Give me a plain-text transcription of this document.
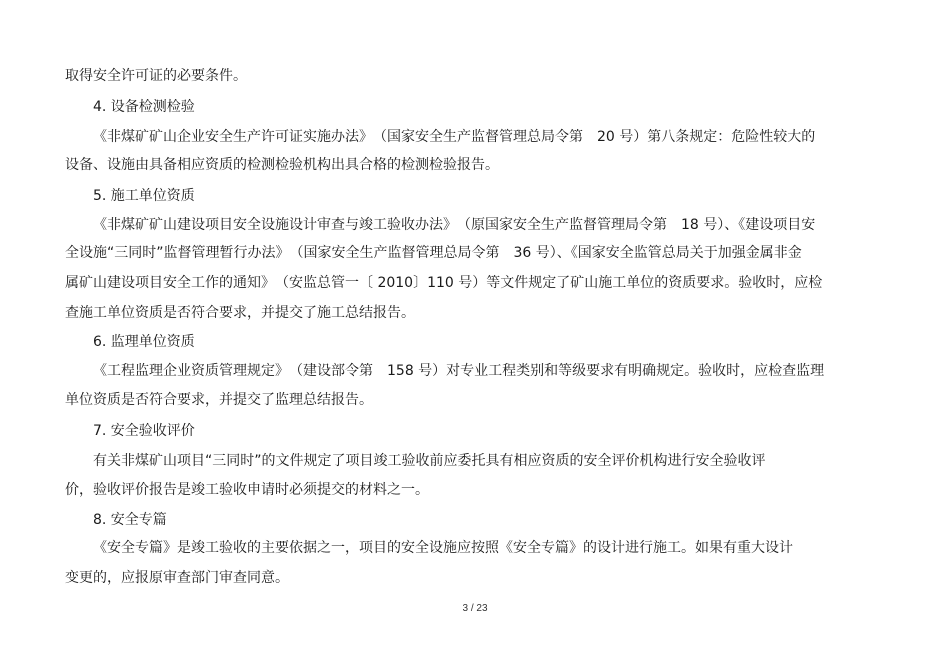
取得安全许可证的必要条件。
4. 设备检测检验
《非煤矿矿山企业安全生产许可证实施办法》　（国家安全生产监督管理总局令第　20 号）第八条规定：危险性较大的
设备、设施由具备相应资质的检测检验机构出具合格的检测检验报告。
5. 施工单位资质
《非煤矿矿山建设项目安全设施设计审查与竣工验收办法》　（原国家安全生产监督管理局令第　18 号）、《建设项目安
全设施“三同时”监督管理暂行办法》　（国家安全生产监督管理总局令第　36 号）、《国家安全监管总局关于加强金属非金
属矿山建设项目安全工作的通知》　（安监总管一〔 2010〕110 号）等文件规定了矿山施工单位的资质要求。验收时，应检
查施工单位资质是否符合要求，并提交了施工总结报告。
6. 监理单位资质
《工程监理企业资质管理规定》　（建设部令第　158 号）对专业工程类别和等级要求有明确规定。验收时，应检查监理
单位资质是否符合要求，并提交了监理总结报告。
7. 安全验收评价
有关非煤矿山项目“三同时”的文件规定了项目竣工验收前应委托具有相应资质的安全评价机构进行安全验收评
价，验收评价报告是竣工验收申请时必须提交的材料之一。
8. 安全专篇
《安全专篇》是竣工验收的主要依据之一，项目的安全设施应按照《安全专篇》的设计进行施工。如果有重大设计
变更的，应报原审查部门审查同意。
3 / 23
